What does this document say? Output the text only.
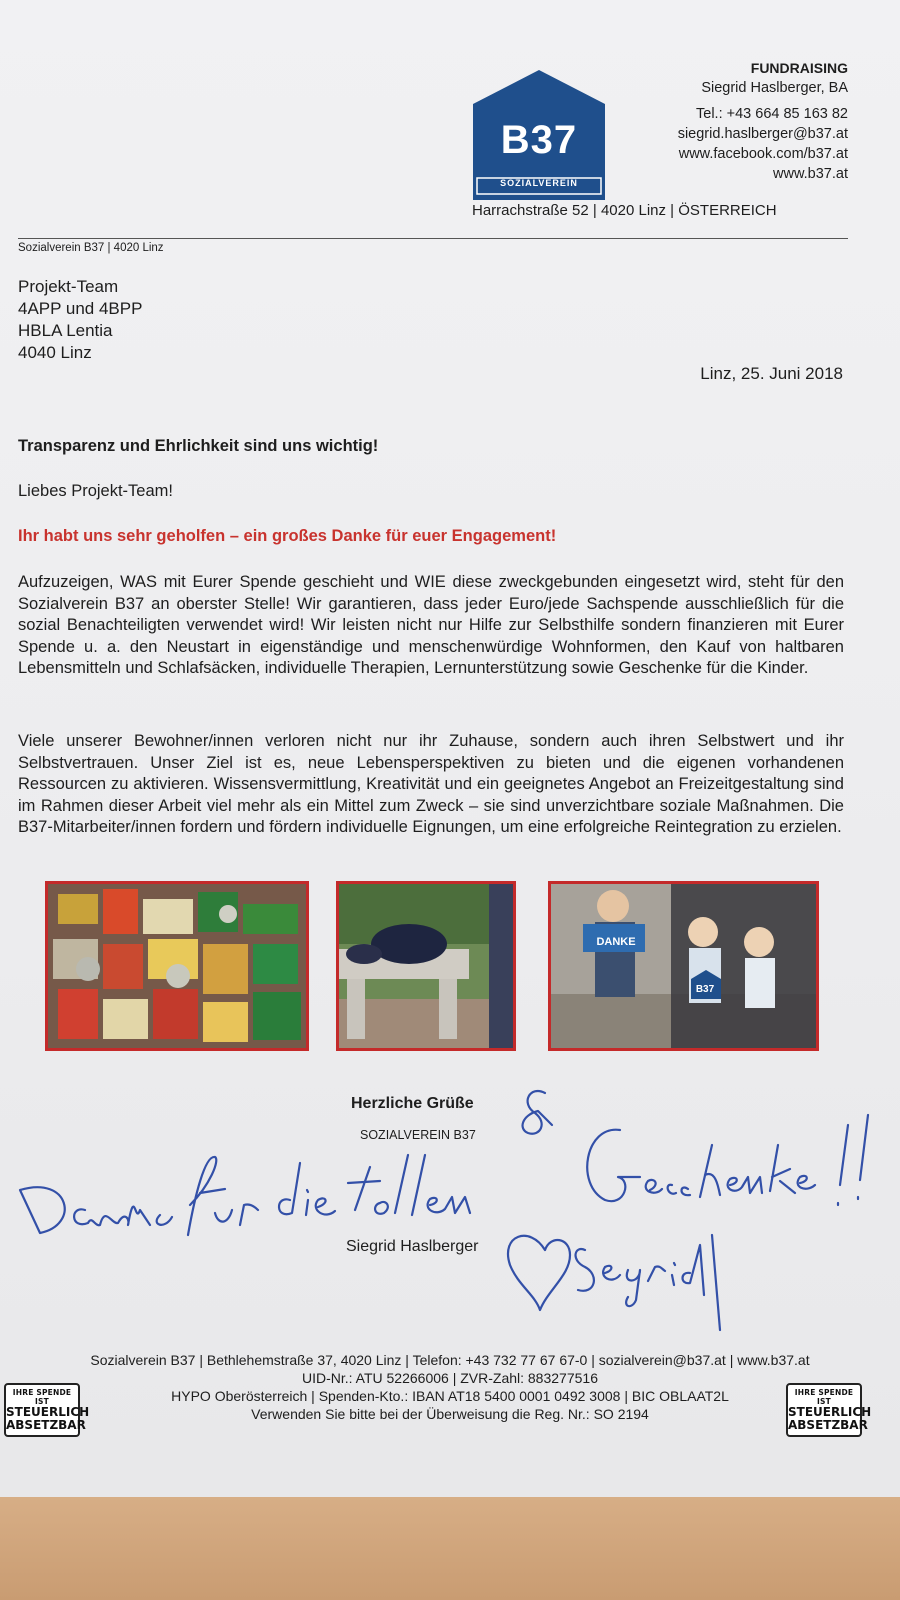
B37
SOZIALVEREIN
FUNDRAISING
Siegrid Haslberger, BA
Tel.: +43 664 85 163 82
siegrid.haslberger@b37.at
www.facebook.com/b37.at
www.b37.at
Harrachstraße 52 | 4020 Linz | ÖSTERREICH
Sozialverein B37 | 4020 Linz
Projekt-Team
4APP und 4BPP
HBLA Lentia
4040 Linz
Linz, 25. Juni 2018
Transparenz und Ehrlichkeit sind uns wichtig!
Liebes Projekt-Team!
Ihr habt uns sehr geholfen – ein großes Danke für euer Engagement!
Aufzuzeigen, WAS mit Eurer Spende geschieht und WIE diese zweckgebunden eingesetzt wird, steht für den Sozialverein B37 an oberster Stelle! Wir garantieren, dass jeder Euro/jede Sachspende ausschließlich für die sozial Benachteiligten verwendet wird! Wir leisten nicht nur Hilfe zur Selbsthilfe sondern finanzieren mit Eurer Spende u. a. den Neustart in eigenständige und menschenwürdige Wohnformen, den Kauf von haltbaren Lebensmitteln und Schlafsäcken, individuelle Therapien, Lernunterstützung sowie Geschenke für die Kinder.
Viele unserer Bewohner/innen verloren nicht nur ihr Zuhause, sondern auch ihren Selbstwert und ihr Selbstvertrauen. Unser Ziel ist es, neue Lebensperspektiven zu bieten und die eigenen vorhandenen Ressourcen zu aktivieren. Wissensvermittlung, Kreativität und ein geeignetes Angebot an Freizeitgestaltung sind im Rahmen dieser Arbeit viel mehr als ein Mittel zum Zweck – sie sind unverzichtbare soziale Maßnahmen. Die B37-Mitarbeiter/innen fordern und fördern individuelle Eignungen, um eine erfolgreiche Reintegration zu erzielen.
DANKE
B37
Herzliche Grüße
SOZIALVEREIN B37
Siegrid Haslberger
Sozialverein B37 | Bethlehemstraße 37, 4020 Linz | Telefon: +43 732 77 67 67-0 | sozialverein@b37.at | www.b37.at
UID-Nr.: ATU 52266006 | ZVR-Zahl: 883277516
HYPO Oberösterreich | Spenden-Kto.: IBAN AT18 5400 0001 0492 3008 | BIC OBLAAT2L
Verwenden Sie bitte bei der Überweisung die Reg. Nr.: SO 2194
IHRE SPENDE IST
STEUERLICH
ABSETZBAR
IHRE SPENDE IST
STEUERLICH
ABSETZBAR
